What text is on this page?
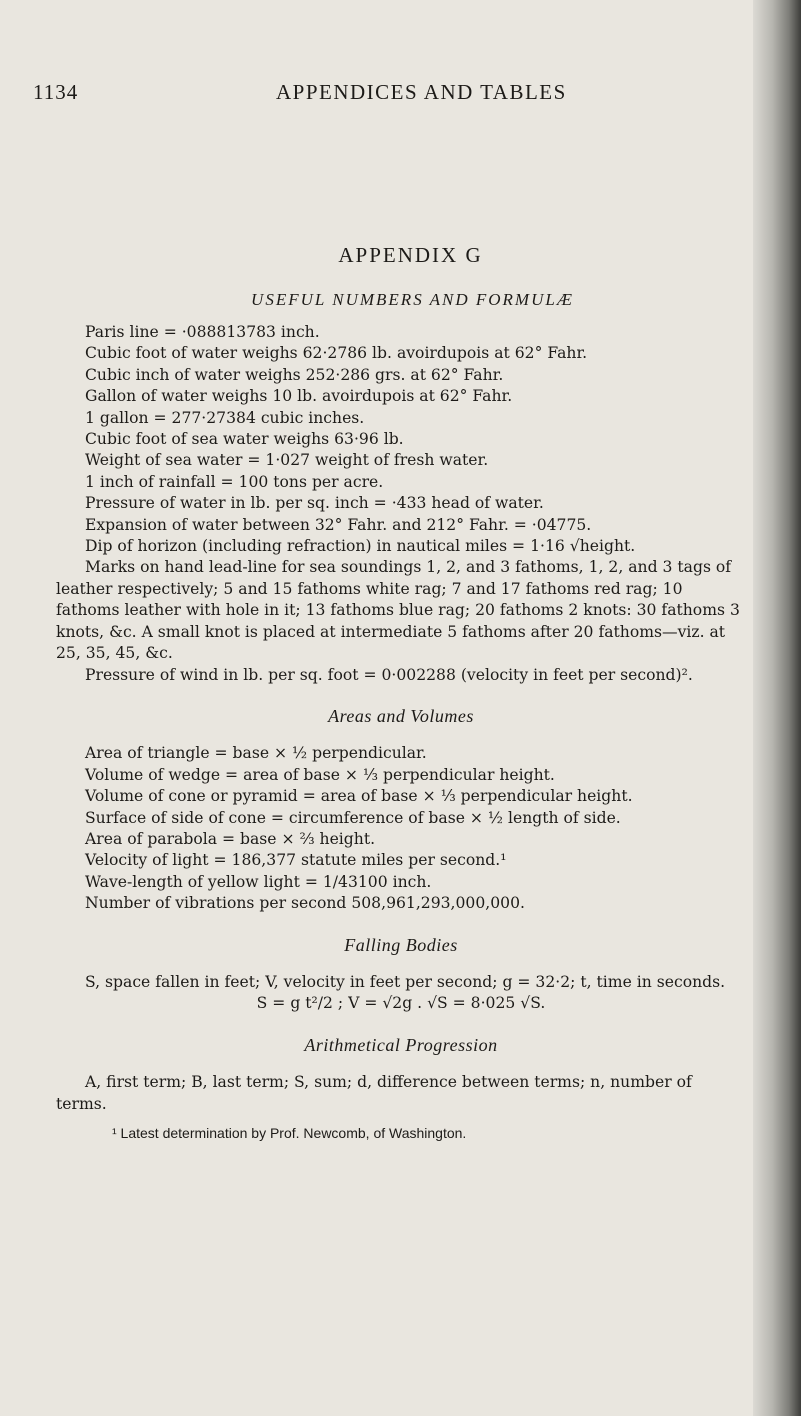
1134	APPENDICES AND TABLES
APPENDIX G
USEFUL NUMBERS AND FORMULÆ

Paris line = ·088813783 inch.

Cubic foot of water weighs 62·2786 lb. avoirdupois at 62° Fahr.

Cubic inch of water weighs 252·286 grs. at 62° Fahr.

Gallon of water weighs 10 lb. avoirdupois at 62° Fahr.

1 gallon = 277·27384 cubic inches.

Cubic foot of sea water weighs 63·96 lb.

Weight of sea water = 1·027 weight of fresh water.

1 inch of rainfall = 100 tons per acre.

Pressure of water in lb. per sq. inch = ·433 head of water.

Expansion of water between 32° Fahr. and 212° Fahr. = ·04775.

Dip of horizon (including refraction) in nautical miles = 1·16 √height.

Marks on hand lead-line for sea soundings 1, 2, and 3 fathoms, 1, 2, and 3 tags of leather respectively; 5 and 15 fathoms white rag; 7 and 17 fathoms red rag; 10 fathoms leather with hole in it; 13 fathoms blue rag; 20 fathoms 2 knots: 30 fathoms 3 knots, &c. A small knot is placed at intermediate 5 fathoms after 20 fathoms—viz. at 25, 35, 45, &c.

Pressure of wind in lb. per sq. foot = 0·002288 (velocity in feet per second)².

Areas and Volumes

Area of triangle = base × ½ perpendicular.

Volume of wedge = area of base × ⅓ perpendicular height.

Volume of cone or pyramid = area of base × ⅓ perpendicular height.

Surface of side of cone = circumference of base × ½ length of side.

Area of parabola = base × ⅔ height.

Velocity of light = 186,377 statute miles per second.¹

Wave-length of yellow light = 1/43100 inch.

Number of vibrations per second 508,961,293,000,000.

Falling Bodies

S, space fallen in feet; V, velocity in feet per second; g = 32·2; t, time in seconds.

S = g t²/2 ; V = √2g . √S = 8·025 √S.

Arithmetical Progression

A, first term; B, last term; S, sum; d, difference between terms; n, number of terms.

¹ Latest determination by Prof. Newcomb, of Washington.
